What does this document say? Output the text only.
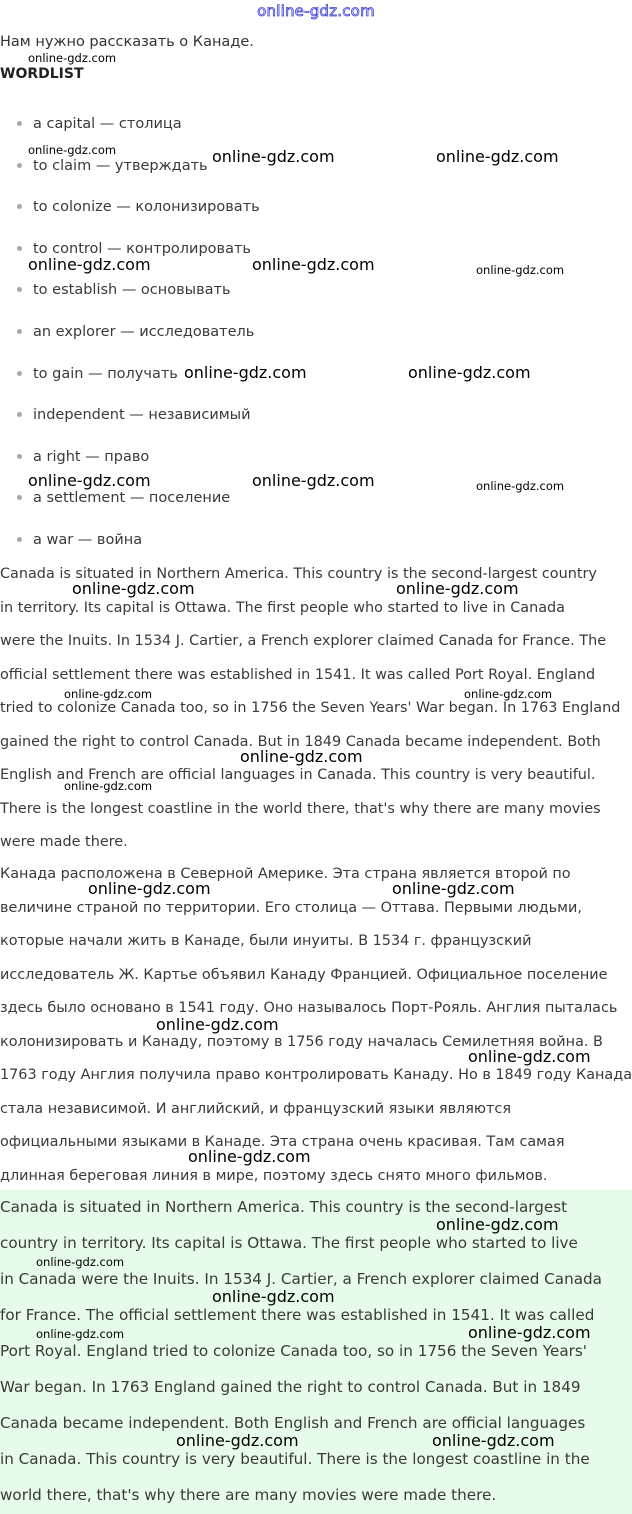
online-gdz.com
Нам нужно рассказать о Канаде.
WORDLIST
a capital — столица
to claim — утверждать
to colonize — колонизировать
to control — контролировать
to establish — основывать
an explorer — исследователь
to gain — получать
independent — независимый
a right — право
a settlement — поселение
a war — война
Canada is situated in Northern America. This country is the second-largest country
in territory. Its capital is Ottawa. The first people who started to live in Canada
were the Inuits. In 1534 J. Cartier, a French explorer claimed Canada for France. The
official settlement there was established in 1541. It was called Port Royal. England
tried to colonize Canada too, so in 1756 the Seven Years' War began. In 1763 England
gained the right to control Canada. But in 1849 Canada became independent. Both
English and French are official languages in Canada. This country is very beautiful.
There is the longest coastline in the world there, that's why there are many movies
were made there.
Канада расположена в Северной Америке. Эта страна является второй по
величине страной по территории. Его столица — Оттава. Первыми людьми,
которые начали жить в Канаде, были инуиты. В 1534 г. французский
исследователь Ж. Картье объявил Канаду Францией. Официальное поселение
здесь было основано в 1541 году. Оно называлось Порт-Рояль. Англия пыталась
колонизировать и Канаду, поэтому в 1756 году началась Семилетняя война. В
1763 году Англия получила право контролировать Канаду. Но в 1849 году Канада
стала независимой. И английский, и французский языки являются
официальными языками в Канаде. Эта страна очень красивая. Там самая
длинная береговая линия в мире, поэтому здесь снято много фильмов.
Canada is situated in Northern America. This country is the second-largest
country in territory. Its capital is Ottawa. The first people who started to live
in Canada were the Inuits. In 1534 J. Cartier, a French explorer claimed Canada
for France. The official settlement there was established in 1541. It was called
Port Royal. England tried to colonize Canada too, so in 1756 the Seven Years'
War began. In 1763 England gained the right to control Canada. But in 1849
Canada became independent. Both English and French are official languages
in Canada. This country is very beautiful. There is the longest coastline in the
world there, that's why there are many movies were made there.
online-gdz.com
online-gdz.com	online-gdz.com	online-gdz.com
online-gdz.com	online-gdz.com	online-gdz.com
online-gdz.com	online-gdz.com
online-gdz.com	online-gdz.com	online-gdz.com
online-gdz.com	online-gdz.com
online-gdz.com	online-gdz.com
online-gdz.com
online-gdz.com
online-gdz.com	online-gdz.com
online-gdz.com
online-gdz.com
online-gdz.com
online-gdz.com
online-gdz.com
online-gdz.com
online-gdz.com	online-gdz.com
online-gdz.com	online-gdz.com
